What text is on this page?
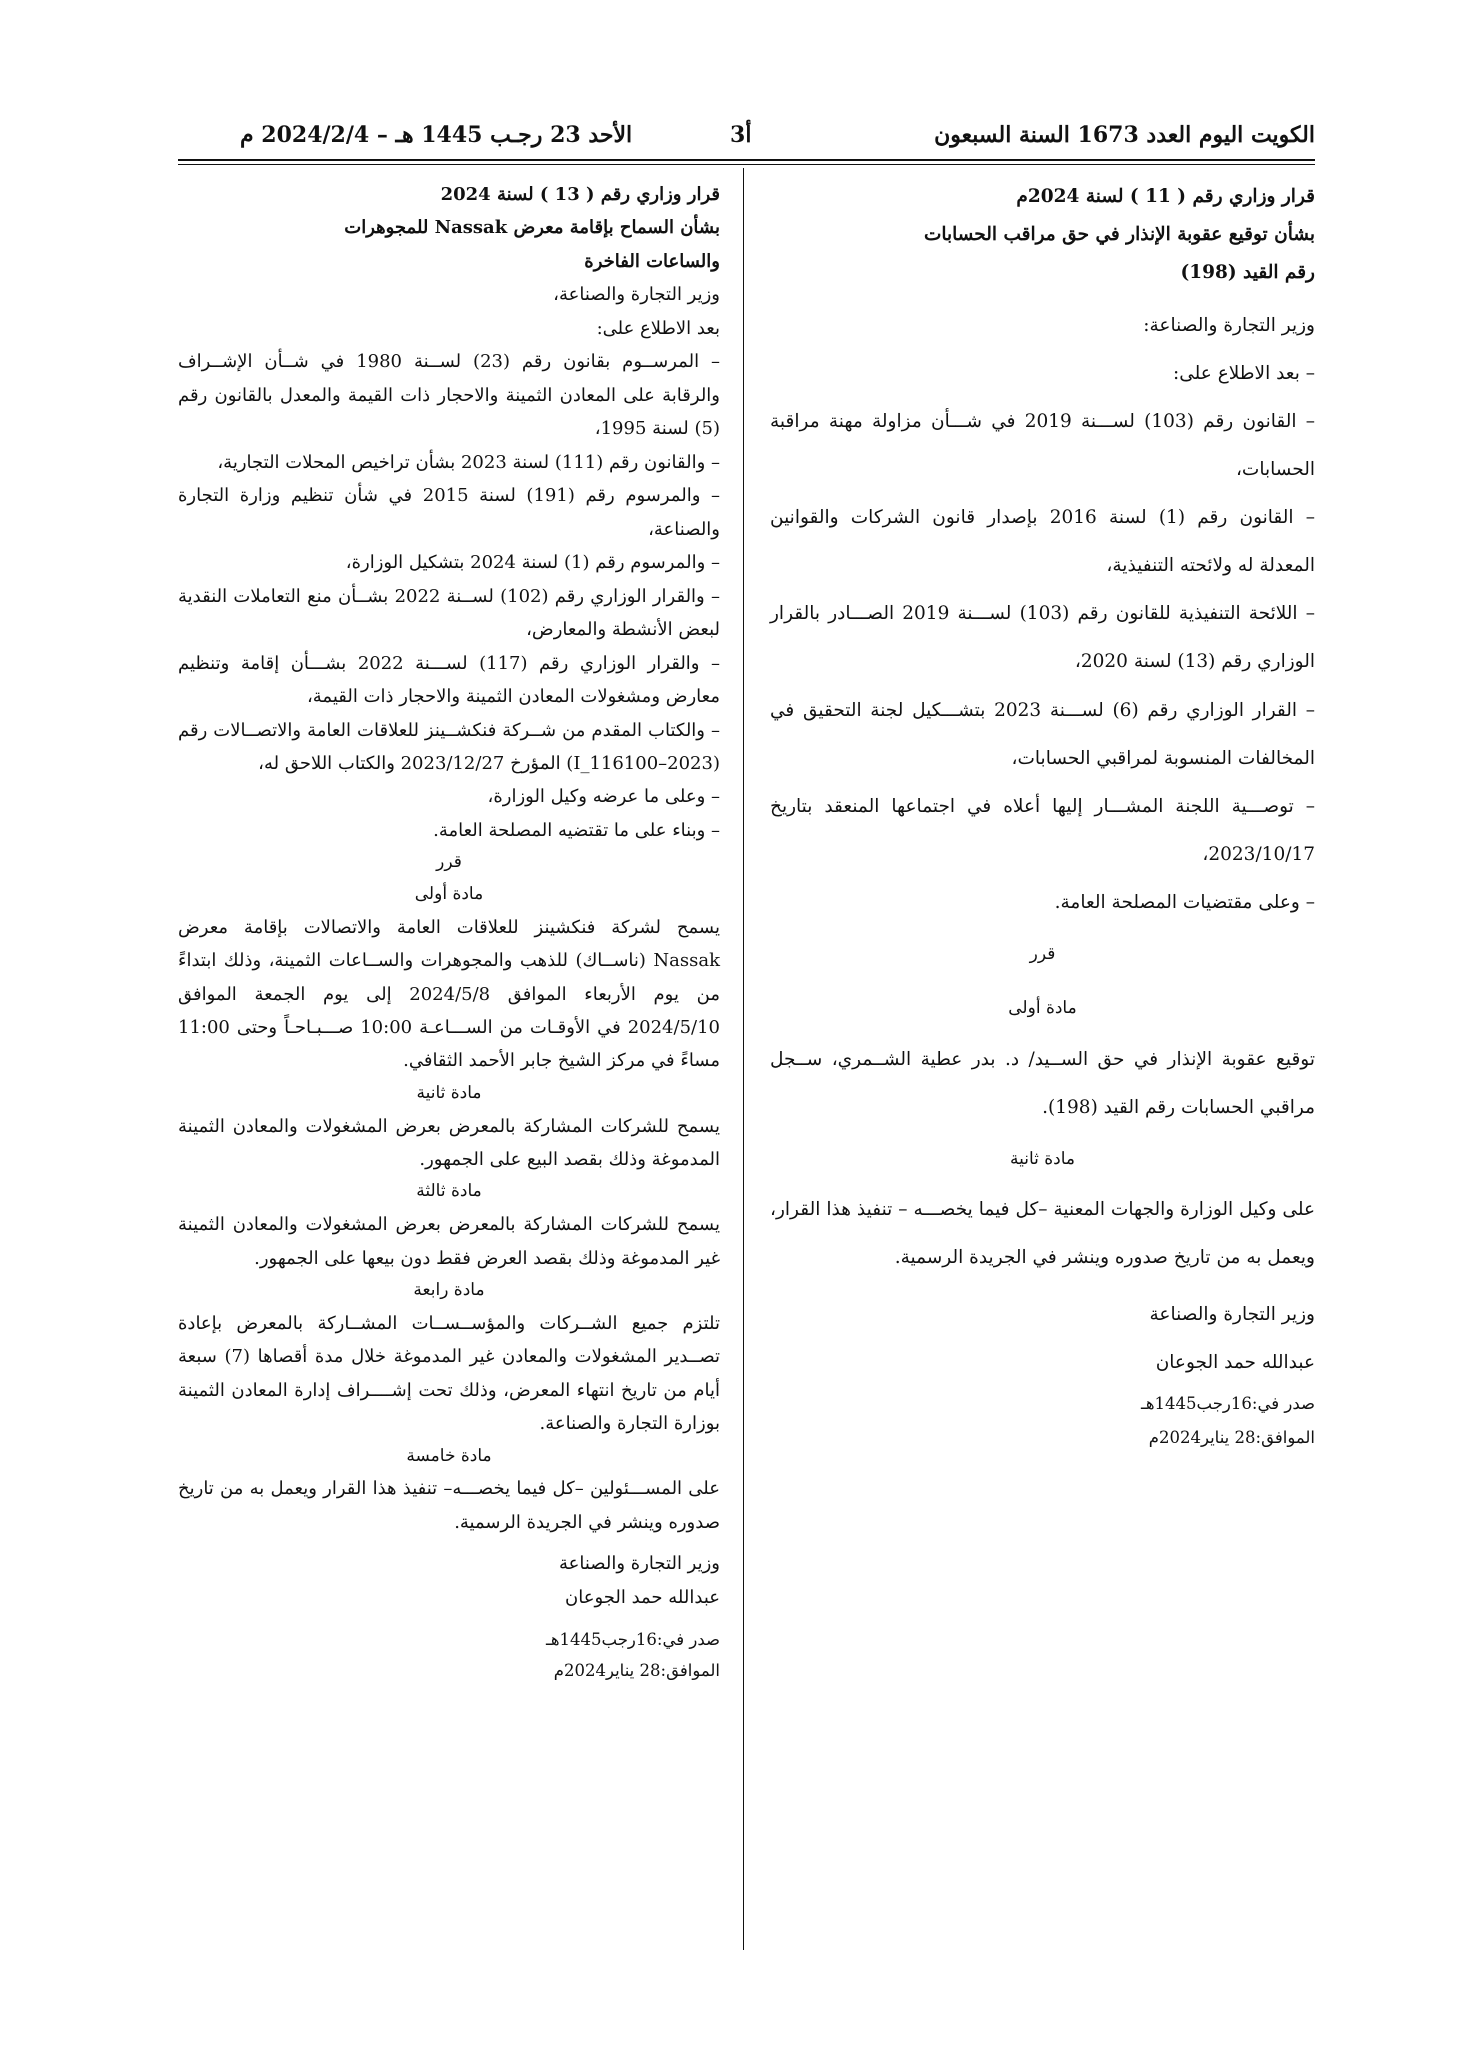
الكويت اليوم العدد 1673 السنة السبعون
أ3
الأحد 23 رجـب 1445 هـ – 2024/2/4 م

قرار وزاري رقم ( 11 ) لسنة 2024م

بشأن توقيع عقوبة الإنذار في حق مراقب الحسابات

رقم القيد (198)

وزير التجارة والصناعة:

– بعد الاطلاع على:

– القانون رقم (103) لســـنة 2019 في شـــأن مزاولة مهنة مراقبة الحسابات،

– القانون رقم (1) لسنة 2016 بإصدار قانون الشركات والقوانين المعدلة له ولائحته التنفيذية،

– اللائحة التنفيذية للقانون رقم (103) لســـنة 2019 الصـــادر بالقرار الوزاري رقم (13) لسنة 2020،

– القرار الوزاري رقم (6) لســـنة 2023 بتشـــكيل لجنة التحقيق في المخالفات المنسوبة لمراقبي الحسابات،

– توصـــية اللجنة المشـــار إليها أعلاه في اجتماعها المنعقد بتاريخ 2023/10/17،

– وعلى مقتضيات المصلحة العامة.

قرر

مادة أولى

توقيع عقوبة الإنذار في حق الســيد/ د. بدر عطية الشــمري، ســجل مراقبي الحسابات رقم القيد (198).

مادة ثانية

على وكيل الوزارة والجهات المعنية –كل فيما يخصـــه – تنفيذ هذا القرار، ويعمل به من تاريخ صدوره وينشر في الجريدة الرسمية.

وزير التجارة والصناعة

عبدالله حمد الجوعان

صدر في:16رجب1445هـ

الموافق:28 يناير2024م

قرار وزاري رقم ( 13 ) لسنة 2024

بشأن السماح بإقامة معرض Nassak للمجوهرات

والساعات الفاخرة

وزير التجارة والصناعة،

بعد الاطلاع على:

– المرســوم بقانون رقم (23) لســنة 1980 في شــأن الإشــراف والرقابة على المعادن الثمينة والاحجار ذات القيمة والمعدل بالقانون رقم (5) لسنة 1995،

– والقانون رقم (111) لسنة 2023 بشأن تراخيص المحلات التجارية،

– والمرسوم رقم (191) لسنة 2015 في شأن تنظيم وزارة التجارة والصناعة،

– والمرسوم رقم (1) لسنة 2024 بتشكيل الوزارة،

– والقرار الوزاري رقم (102) لســنة 2022 بشــأن منع التعاملات النقدية لبعض الأنشطة والمعارض،

– والقرار الوزاري رقم (117) لســـنة 2022 بشـــأن إقامة وتنظيم معارض ومشغولات المعادن الثمينة والاحجار ذات القيمة،

– والكتاب المقدم من شــركة فنكشــينز للعلاقات العامة والاتصــالات رقم (I_116100–2023) المؤرخ 2023/12/27 والكتاب اللاحق له،

– وعلى ما عرضه وكيل الوزارة،

– وبناء على ما تقتضيه المصلحة العامة.

قرر

مادة أولى

يسمح لشركة فنكشينز للعلاقات العامة والاتصالات بإقامة معرض Nassak (ناســاك) للذهب والمجوهرات والســاعات الثمينة، وذلك ابتداءً من يوم الأربعاء الموافق 2024/5/8 إلى يوم الجمعة الموافق 2024/5/10 في الأوقـات من الســـاعـة 10:00 صـــبـاحـاً وحتى 11:00 مساءً في مركز الشيخ جابر الأحمد الثقافي.

مادة ثانية

يسمح للشركات المشاركة بالمعرض بعرض المشغولات والمعادن الثمينة المدموغة وذلك بقصد البيع على الجمهور.

مادة ثالثة

يسمح للشركات المشاركة بالمعرض بعرض المشغولات والمعادن الثمينة غير المدموغة وذلك بقصد العرض فقط دون بيعها على الجمهور.

مادة رابعة

تلتزم جميع الشــركات والمؤســســات المشــاركة بالمعرض بإعادة تصــدير المشغولات والمعادن غير المدموغة خلال مدة أقصاها (7) سبعة أيام من تاريخ انتهاء المعرض، وذلك تحت إشــــراف إدارة المعادن الثمينة بوزارة التجارة والصناعة.

مادة خامسة

على المســـئولين –كل فيما يخصـــه– تنفيذ هذا القرار ويعمل به من تاريخ صدوره وينشر في الجريدة الرسمية.

وزير التجارة والصناعة

عبدالله حمد الجوعان

صدر في:16رجب1445هـ

الموافق:28 يناير2024م
